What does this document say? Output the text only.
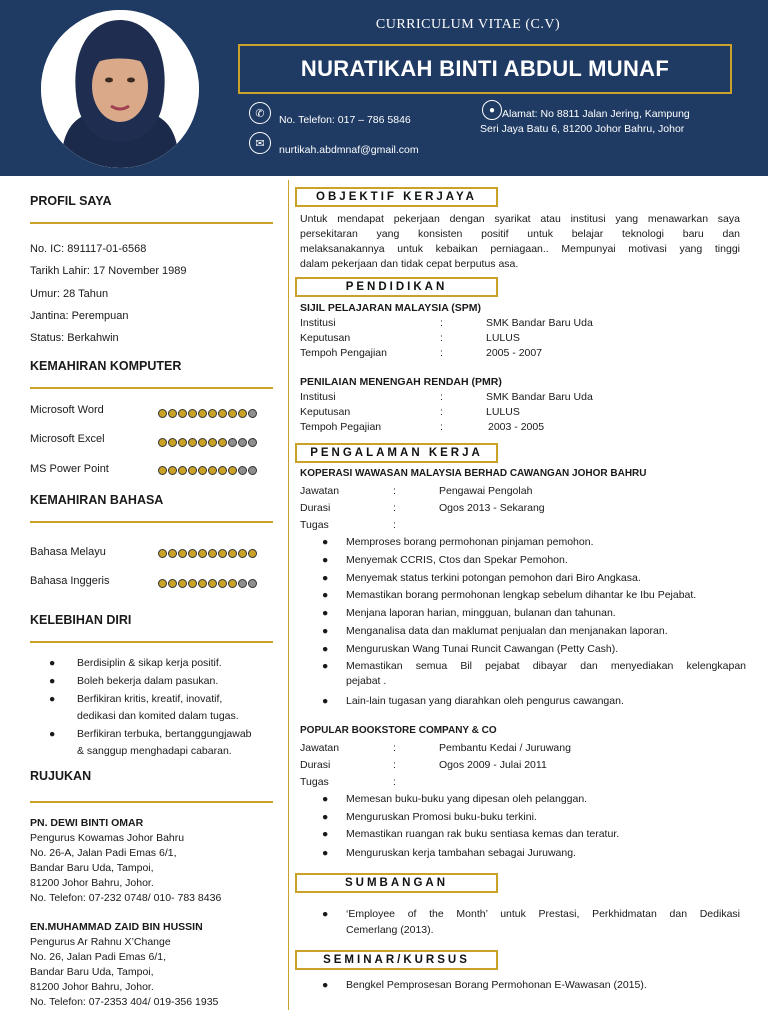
CURRICULUM VITAE (C.V)
NURATIKAH BINTI ABDUL MUNAF
✆
No. Telefon: 017 – 786 5846
✉
nurtikah.abdmnaf@gmail.com
● Alamat: No 8811 Jalan Jering, Kampung
Seri Jaya Batu 6, 81200 Johor Bahru, Johor
PROFIL SAYA
No. IC: 891117-01-6568
Tarikh Lahir: 17 November 1989
Umur: 28 Tahun
Jantina: Perempuan
Status: Berkahwin
KEMAHIRAN KOMPUTER
Microsoft Word
Microsoft Excel
MS Power Point
KEMAHIRAN BAHASA
Bahasa Melayu
Bahasa Inggeris
KELEBIHAN DIRI
● Berdisiplin & sikap kerja positif.
● Boleh bekerja dalam pasukan.
● Berfikiran kritis, kreatif, inovatif,
dedikasi dan komited dalam tugas.
● Berfikiran terbuka, bertanggungjawab
& sanggup menghadapi cabaran.
RUJUKAN
PN. DEWI BINTI OMAR
Pengurus Kowamas Johor Bahru
No. 26-A, Jalan Padi Emas 6/1,
Bandar Baru Uda, Tampoi,
81200 Johor Bahru, Johor.
No. Telefon: 07-232 0748/ 010- 783 8436
EN.MUHAMMAD ZAID BIN HUSSIN
Pengurus Ar Rahnu X’Change
No. 26, Jalan Padi Emas 6/1,
Bandar Baru Uda, Tampoi,
81200 Johor Bahru, Johor.
No. Telefon: 07-2353 404/ 019-356 1935
OBJEKTIF KERJAYA
Untuk mendapat pekerjaan dengan syarikat atau institusi yang menawarkan saya
persekitaran yang konsisten positif untuk belajar teknologi baru dan
melaksanakannya untuk kebaikan perniagaan.. Mempunyai motivasi yang tinggi
dalam pekerjaan dan tidak cepat berputus asa.
PENDIDIKAN
SIJIL PELAJARAN MALAYSIA (SPM)
Institusi	:	SMK Bandar Baru Uda
Keputusan	:	LULUS
Tempoh Pengajian	:	2005 - 2007
PENILAIAN MENENGAH RENDAH (PMR)
Institusi	:	SMK Bandar Baru Uda
Keputusan	:	LULUS
Tempoh Pegajian	:	2003 - 2005
PENGALAMAN KERJA
KOPERASI WAWASAN MALAYSIA BERHAD CAWANGAN JOHOR BAHRU
Jawatan	:	Pengawai Pengolah
Durasi	:	Ogos 2013 - Sekarang
Tugas	:
● Memproses borang permohonan pinjaman pemohon.
● Menyemak CCRIS, Ctos dan Spekar Pemohon.
● Menyemak status terkini potongan pemohon dari Biro Angkasa.
● Memastikan borang permohonan lengkap sebelum dihantar ke Ibu Pejabat.
● Menjana laporan harian, mingguan, bulanan dan tahunan.
● Menganalisa data dan maklumat penjualan dan menjanakan laporan.
● Menguruskan Wang Tunai Runcit Cawangan (Petty Cash).
● Memastikan semua Bil pejabat dibayar dan menyediakan kelengkapan
pejabat .
● Lain-lain tugasan yang diarahkan oleh pengurus cawangan.
POPULAR BOOKSTORE COMPANY & CO
Jawatan	:	Pembantu Kedai / Juruwang
Durasi	:	Ogos 2009 - Julai 2011
Tugas	:
● Memesan buku-buku yang dipesan oleh pelanggan.
● Menguruskan Promosi buku-buku terkini.
● Memastikan ruangan rak buku sentiasa kemas dan teratur.
● Menguruskan kerja tambahan sebagai Juruwang.
SUMBANGAN
● ‘Employee of the Month’ untuk Prestasi, Perkhidmatan dan Dedikasi
Cemerlang (2013).
SEMINAR/KURSUS
● Bengkel Pemprosesan Borang Permohonan E-Wawasan (2015).
